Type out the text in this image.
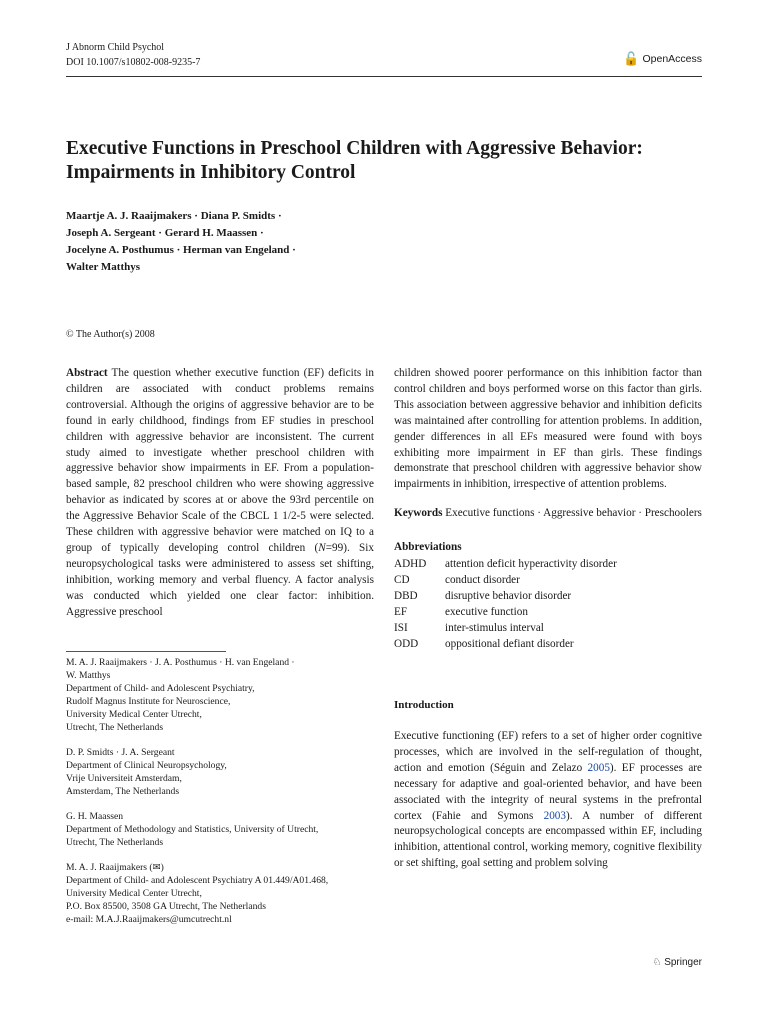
J Abnorm Child Psychol
DOI 10.1007/s10802-008-9235-7	🔓 OpenAccess
Executive Functions in Preschool Children with Aggressive Behavior: Impairments in Inhibitory Control
Maartje A. J. Raaijmakers · Diana P. Smidts ·
Joseph A. Sergeant · Gerard H. Maassen ·
Jocelyne A. Posthumus · Herman van Engeland ·
Walter Matthys
© The Author(s) 2008

Abstract The question whether executive function (EF) deficits in children are associated with conduct problems remains controversial. Although the origins of aggressive behavior are to be found in early childhood, findings from EF studies in preschool children with aggressive behavior are inconsistent. The current study aimed to investigate whether preschool children with aggressive behavior show impairments in EF. From a population-based sample, 82 preschool children who were showing aggressive behavior as indicated by scores at or above the 93rd percentile on the Aggressive Behavior Scale of the CBCL 1 1/2-5 were selected. These children with aggressive behavior were matched on IQ to a group of typically developing control children (N=99). Six neuropsychological tasks were administered to assess set shifting, inhibition, working memory and verbal fluency. A factor analysis was conducted which yielded one clear factor: inhibition. Aggressive preschool

M. A. J. Raaijmakers · J. A. Posthumus · H. van Engeland ·
W. Matthys
Department of Child- and Adolescent Psychiatry,
Rudolf Magnus Institute for Neuroscience,
University Medical Center Utrecht,
Utrecht, The Netherlands
D. P. Smidts · J. A. Sergeant
Department of Clinical Neuropsychology,
Vrije Universiteit Amsterdam,
Amsterdam, The Netherlands
G. H. Maassen
Department of Methodology and Statistics, University of Utrecht,
Utrecht, The Netherlands
M. A. J. Raaijmakers (✉)
Department of Child- and Adolescent Psychiatry A 01.449/A01.468,
University Medical Center Utrecht,
P.O. Box 85500, 3508 GA Utrecht, The Netherlands
e-mail: M.A.J.Raaijmakers@umcutrecht.nl

children showed poorer performance on this inhibition factor than control children and boys performed worse on this factor than girls. This association between aggressive behavior and inhibition deficits was maintained after controlling for attention problems. In addition, gender differences in all EFs measured were found with boys exhibiting more impairment in EF than girls. These findings demonstrate that preschool children with aggressive behavior show impairments in inhibition, irrespective of attention problems.

Keywords Executive functions · Aggressive behavior · Preschoolers

Abbreviations
ADHD	attention deficit hyperactivity disorder
CD	conduct disorder
DBD	disruptive behavior disorder
EF	executive function
ISI	inter-stimulus interval
ODD	oppositional defiant disorder
Introduction

Executive functioning (EF) refers to a set of higher order cognitive processes, which are involved in the self-regulation of thought, action and emotion (Séguin and Zelazo 2005). EF processes are necessary for adaptive and goal-oriented behavior, and have been associated with the integrity of neural systems in the prefrontal cortex (Fahie and Symons 2003). A number of different neuropsychological concepts are encompassed within EF, including inhibition, attentional control, working memory, cognitive flexibility or set shifting, goal setting and problem solving

♘ Springer
